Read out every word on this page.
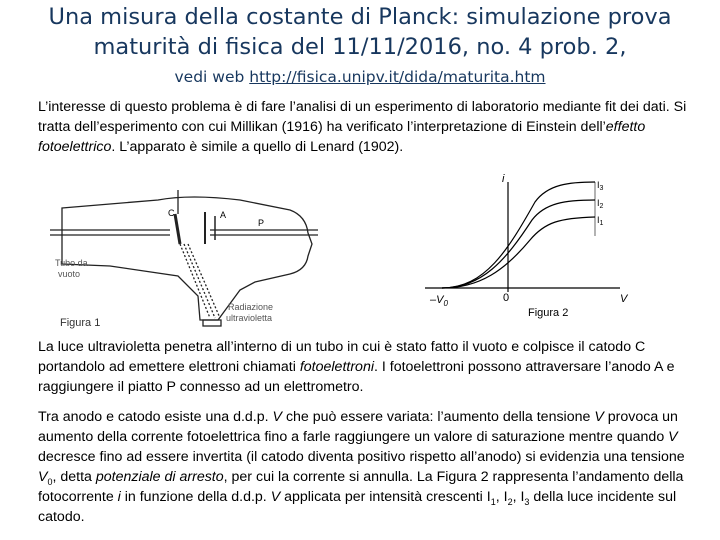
Una misura della costante di Planck: simulazione prova
maturità di fisica del 11/11/2016, no. 4 prob. 2,
vedi web http://fisica.unipv.it/dida/maturita.htm

L’interesse di questo problema è di fare l’analisi di un esperimento di laboratorio mediante fit dei dati. Si tratta dell’esperimento con cui Millikan (1916) ha verificato l’interpretazione di Einstein dell’effetto fotoelettrico. L’apparato è simile a quello di Lenard (1902).

C	A
P
Tubo da
vuoto
Radiazione
ultravioletta
Figura 1
i
V
$-V_0$	0
$I_3$
$I_2$
$I_1$
Figura 2

La luce ultravioletta penetra all’interno di un tubo in cui è stato fatto il vuoto e colpisce il catodo C portandolo ad emettere elettroni chiamati fotoelettroni. I fotoelettroni possono attraversare l’anodo A e raggiungere il piatto P connesso ad un elettrometro.

Tra anodo e catodo esiste una d.d.p. V che può essere variata: l’aumento della tensione V provoca un aumento della corrente fotoelettrica fino a farle raggiungere un valore di saturazione mentre quando V decresce fino ad essere invertita (il catodo diventa positivo rispetto all’anodo) si evidenzia una tensione $V_0$, detta potenziale di arresto, per cui la corrente si annulla. La Figura 2 rappresenta l’andamento della fotocorrente i in funzione della d.d.p. V applicata per intensità crescenti $I_1$, $I_2$, $I_3$ della luce incidente sul catodo.
